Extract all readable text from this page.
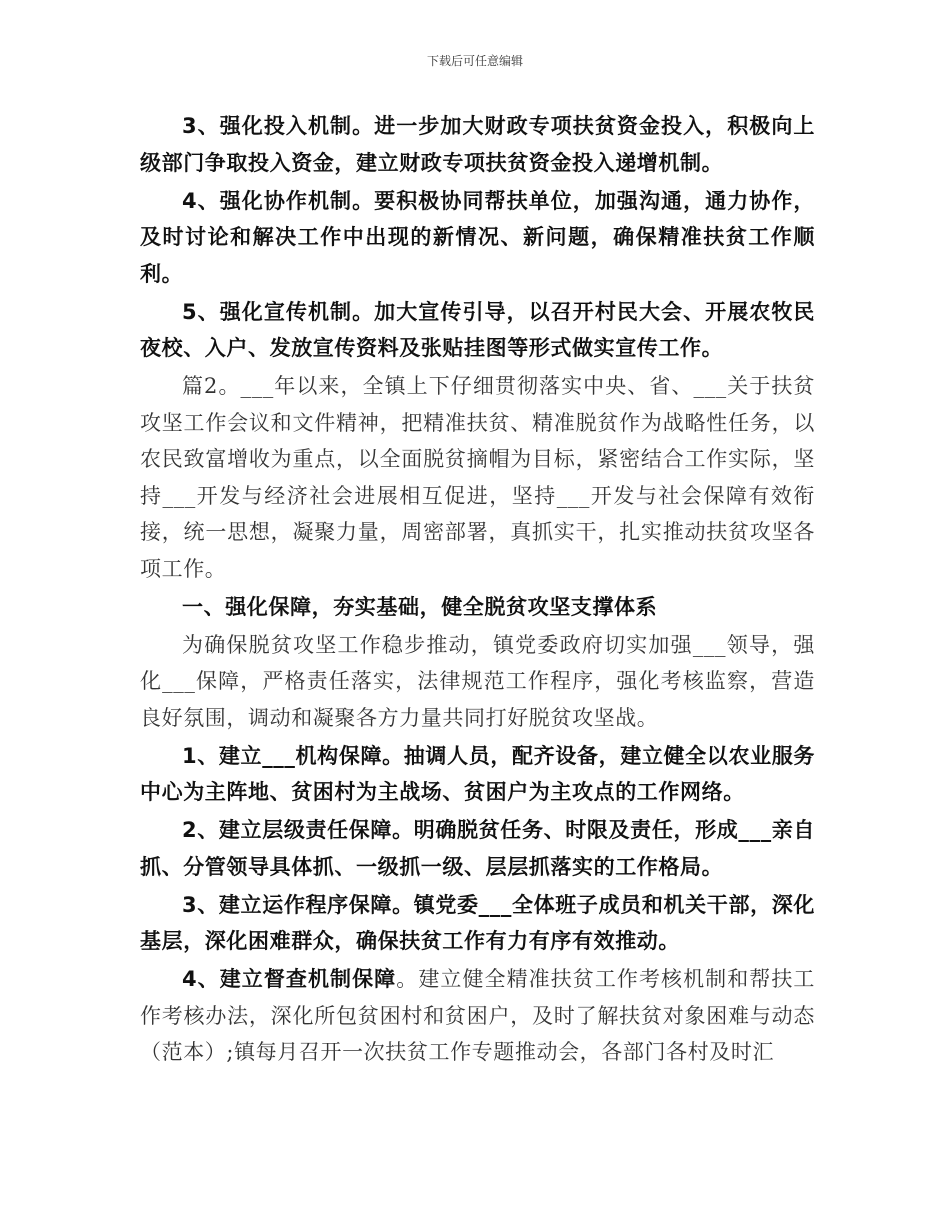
下载后可任意编辑

3、强化投入机制。进一步加大财政专项扶贫资金投入，积极向上级部门争取投入资金，建立财政专项扶贫资金投入递增机制。

4、强化协作机制。要积极协同帮扶单位，加强沟通，通力协作，及时讨论和解决工作中出现的新情况、新问题，确保精准扶贫工作顺利。

5、强化宣传机制。加大宣传引导，以召开村民大会、开展农牧民夜校、入户、发放宣传资料及张贴挂图等形式做实宣传工作。

篇2。___年以来，全镇上下仔细贯彻落实中央、省、___关于扶贫攻坚工作会议和文件精神，把精准扶贫、精准脱贫作为战略性任务，以农民致富增收为重点，以全面脱贫摘帽为目标，紧密结合工作实际，坚持___开发与经济社会进展相互促进，坚持___开发与社会保障有效衔接，统一思想，凝聚力量，周密部署，真抓实干，扎实推动扶贫攻坚各项工作。

一、强化保障，夯实基础，健全脱贫攻坚支撑体系

为确保脱贫攻坚工作稳步推动，镇党委政府切实加强___领导，强化___保障，严格责任落实，法律规范工作程序，强化考核监察，营造良好氛围，调动和凝聚各方力量共同打好脱贫攻坚战。

1、建立___机构保障。抽调人员，配齐设备，建立健全以农业服务中心为主阵地、贫困村为主战场、贫困户为主攻点的工作网络。

2、建立层级责任保障。明确脱贫任务、时限及责任，形成___亲自抓、分管领导具体抓、一级抓一级、层层抓落实的工作格局。

3、建立运作程序保障。镇党委___全体班子成员和机关干部，深化基层，深化困难群众，确保扶贫工作有力有序有效推动。

4、建立督查机制保障。建立健全精准扶贫工作考核机制和帮扶工作考核办法，深化所包贫困村和贫困户，及时了解扶贫对象困难与动态（范本）;镇每月召开一次扶贫工作专题推动会，各部门各村及时汇
